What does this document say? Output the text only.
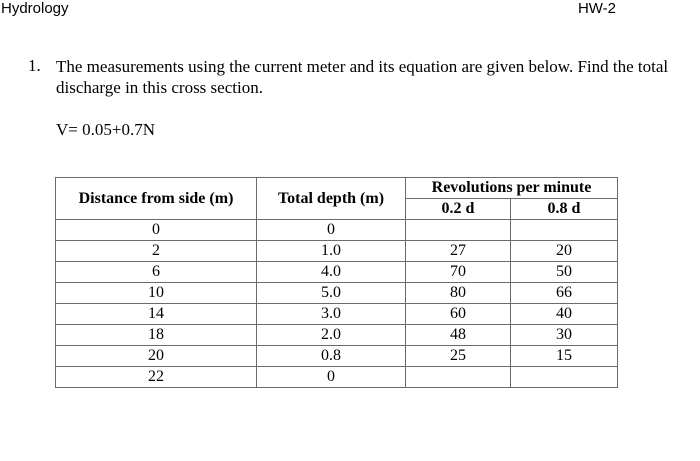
Hydrology	HW-2
1. The measurements using the current meter and its equation are given below. Find the total discharge in this cross section.
V= 0.05+0.7N
Distance from side (m)	Total depth (m)	Revolutions per minute	
		0.2 d	0.8 d
0	0		
2	1.0	27	20
6	4.0	70	50
10	5.0	80	66
14	3.0	60	40
18	2.0	48	30
20	0.8	25	15
22	0		
